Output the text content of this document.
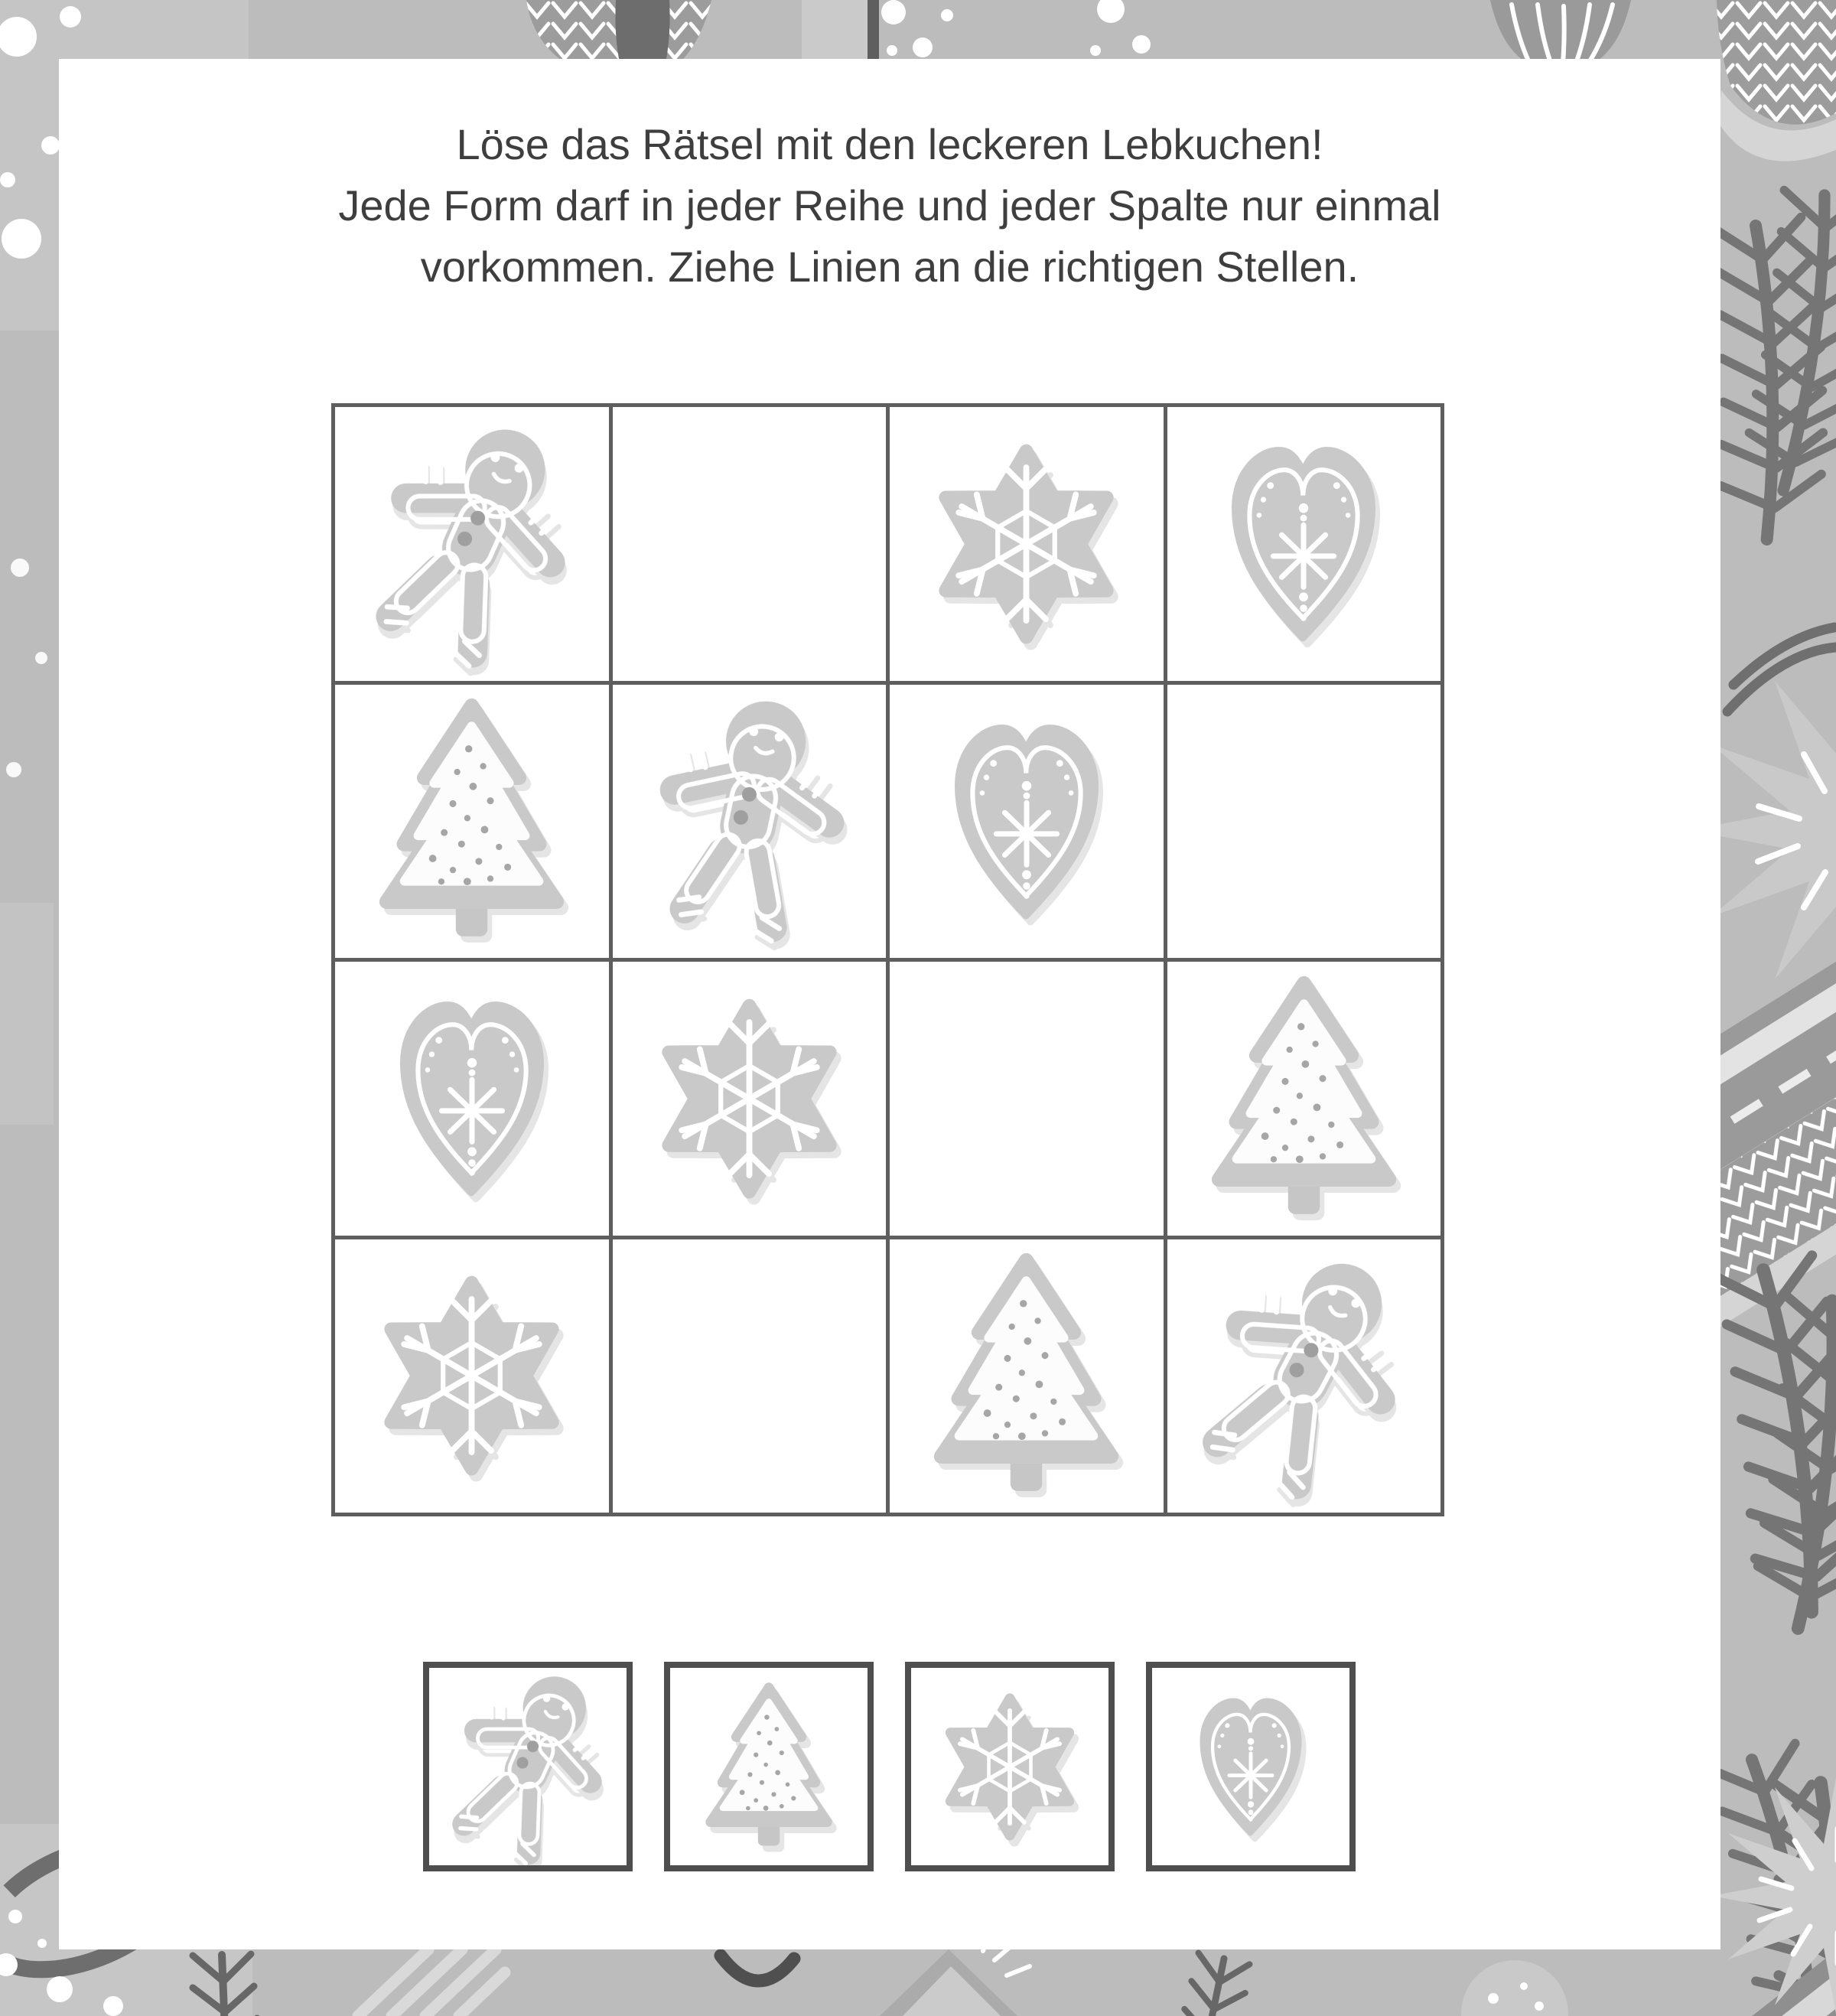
Löse das Rätsel mit den leckeren Lebkuchen!
Jede Form darf in jeder Reihe und jeder Spalte nur einmal
vorkommen. Ziehe Linien an die richtigen Stellen.
